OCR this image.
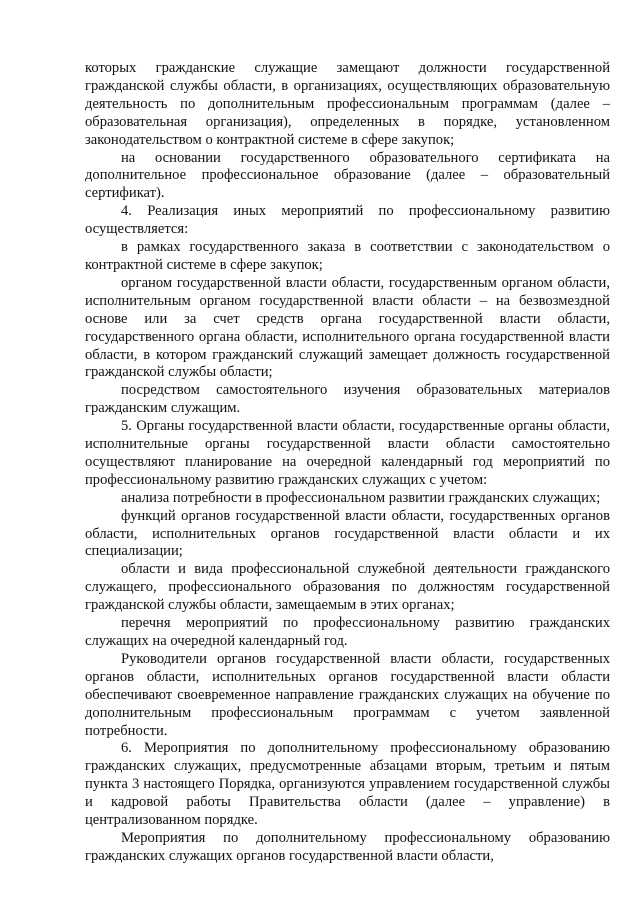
которых гражданские служащие замещают должности государственной гражданской службы области, в организациях, осуществляющих образовательную деятельность по дополнительным профессиональным программам (далее – образовательная организация), определенных в порядке, установленном законодательством о контрактной системе в сфере закупок;

на основании государственного образовательного сертификата на дополнительное профессиональное образование (далее – образовательный сертификат).

4. Реализация иных мероприятий по профессиональному развитию осуществляется:

в рамках государственного заказа в соответствии с законодательством о контрактной системе в сфере закупок;

органом государственной власти области, государственным органом области, исполнительным органом государственной власти области – на безвозмездной основе или за счет средств органа государственной власти области, государственного органа области, исполнительного органа государственной власти области, в котором гражданский служащий замещает должность государственной гражданской службы области;

посредством самостоятельного изучения образовательных материалов гражданским служащим.

5. Органы государственной власти области, государственные органы области, исполнительные органы государственной власти области самостоятельно осуществляют планирование на очередной календарный год мероприятий по профессиональному развитию гражданских служащих с учетом:

анализа потребности в профессиональном развитии гражданских служащих;

функций органов государственной власти области, государственных органов области, исполнительных органов государственной власти области и их специализации;

области и вида профессиональной служебной деятельности гражданского служащего, профессионального образования по должностям государственной гражданской службы области, замещаемым в этих органах;

перечня мероприятий по профессиональному развитию гражданских служащих на очередной календарный год.

Руководители органов государственной власти области, государственных органов области, исполнительных органов государственной власти области обеспечивают своевременное направление гражданских служащих на обучение по дополнительным профессиональным программам с учетом заявленной потребности.

6. Мероприятия по дополнительному профессиональному образованию гражданских служащих, предусмотренные абзацами вторым, третьим и пятым пункта 3 настоящего Порядка, организуются управлением государственной службы и кадровой работы Правительства области (далее – управление) в централизованном порядке.

Мероприятия по дополнительному профессиональному образованию гражданских служащих органов государственной власти области,
